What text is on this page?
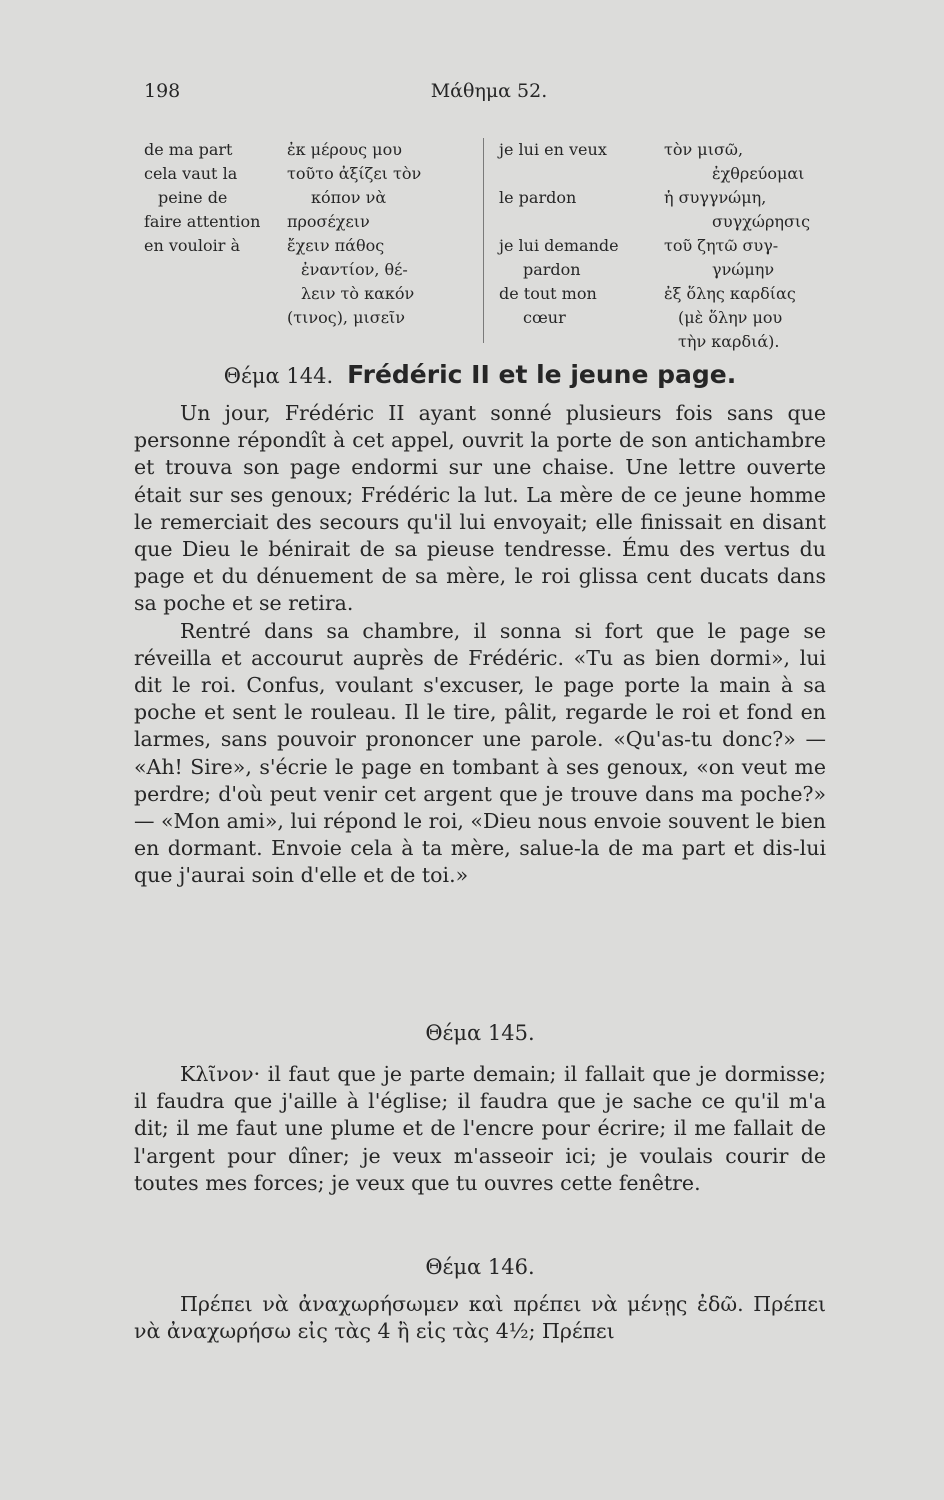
198	Μάθημα 52.
de ma part
cela vaut la
peine de
faire attention
en vouloir à
ἐκ μέρους μου
τοῦτο ἀξίζει τὸν
κόπον νὰ
προσέχειν
ἔχειν πάθος
ἐναντίον, θέ-
λειν τὸ κακόν
(τινος), μισεῖν
je lui en veux

le pardon

je lui demande
pardon
de tout mon
cœur
τὸν μισῶ,
ἐχθρεύομαι
ἡ συγγνώμη,
συγχώρησις
τοῦ ζητῶ συγ-
γνώμην
ἐξ ὅλης καρδίας
(μὲ ὅλην μου
τὴν καρδιά).
Θέμα 144. Frédéric II et le jeune page.

Un jour, Frédéric II ayant sonné plusieurs fois sans que personne répondît à cet appel, ouvrit la porte de son antichambre et trouva son page endormi sur une chaise. Une lettre ouverte était sur ses genoux; Frédéric la lut. La mère de ce jeune homme le remerciait des secours qu'il lui envoyait; elle finissait en disant que Dieu le bénirait de sa pieuse tendresse. Ému des vertus du page et du dénuement de sa mère, le roi glissa cent ducats dans sa poche et se retira.

Rentré dans sa chambre, il sonna si fort que le page se réveilla et accourut auprès de Frédéric. «Tu as bien dormi», lui dit le roi. Confus, voulant s'excuser, le page porte la main à sa poche et sent le rouleau. Il le tire, pâlit, regarde le roi et fond en larmes, sans pouvoir prononcer une parole. «Qu'as-tu donc?» — «Ah! Sire», s'écrie le page en tombant à ses genoux, «on veut me perdre; d'où peut venir cet argent que je trouve dans ma poche?» — «Mon ami», lui répond le roi, «Dieu nous envoie souvent le bien en dormant. Envoie cela à ta mère, salue-la de ma part et dis-lui que j'aurai soin d'elle et de toi.»

Θέμα 145.

Κλῖνον· il faut que je parte demain; il fallait que je dormisse; il faudra que j'aille à l'église; il faudra que je sache ce qu'il m'a dit; il me faut une plume et de l'encre pour écrire; il me fallait de l'argent pour dîner; je veux m'asseoir ici; je voulais courir de toutes mes forces; je veux que tu ouvres cette fenêtre.

Θέμα 146.

Πρέπει νὰ ἀναχωρήσωμεν καὶ πρέπει νὰ μένῃς ἐδῶ. Πρέπει νὰ ἀναχωρήσω εἰς τὰς 4 ἢ εἰς τὰς 4½; Πρέπει
